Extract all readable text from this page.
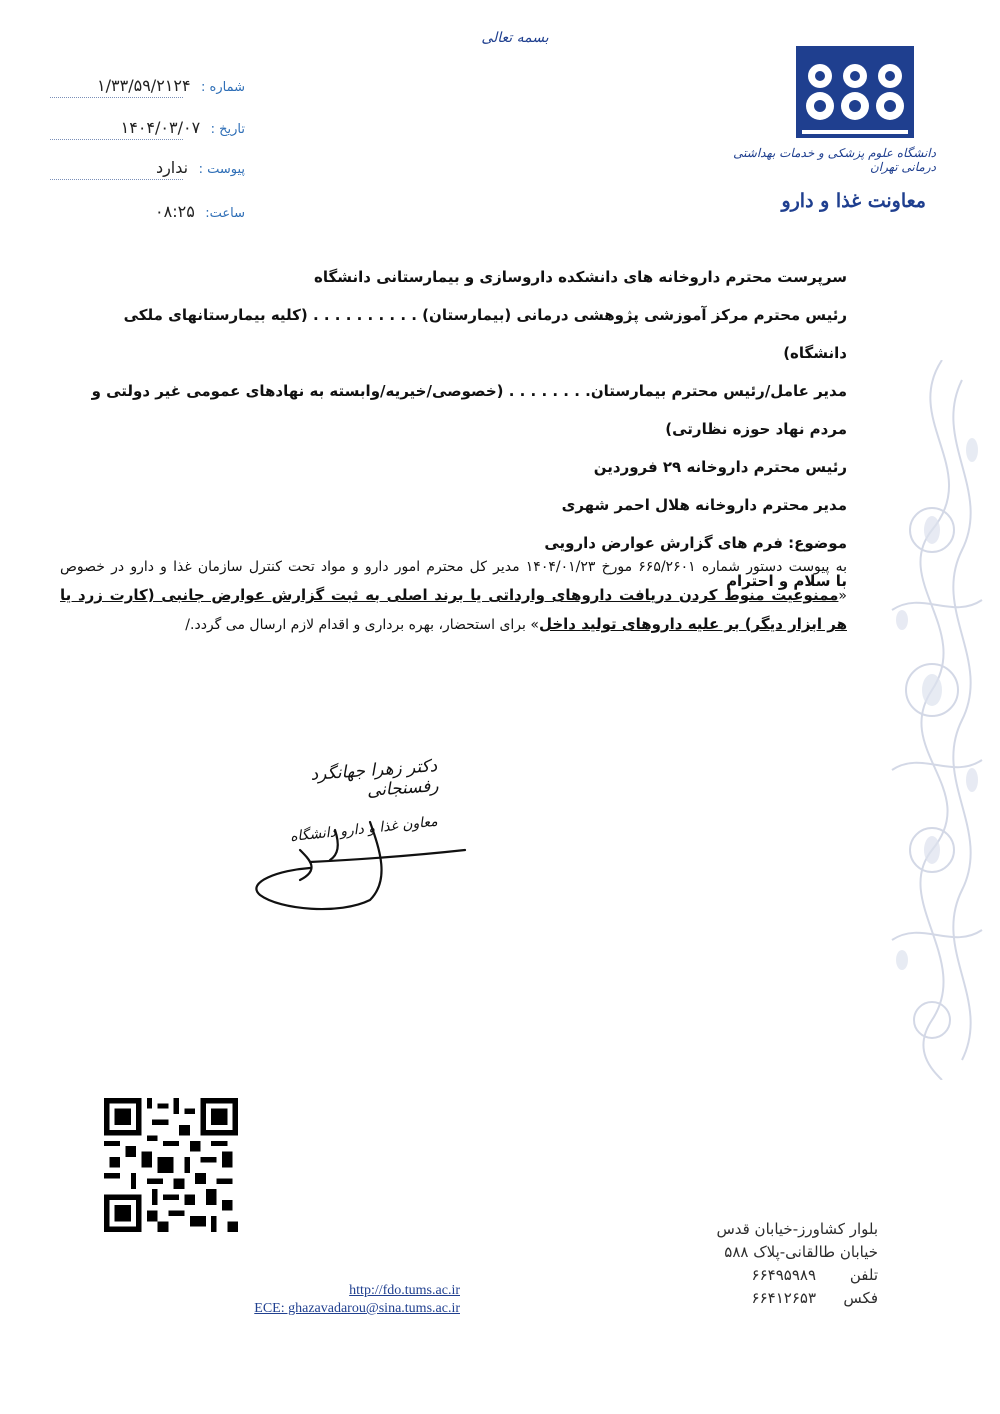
بسمه تعالی
شماره : ۱/۳۳/۵۹/۲۱۲۴
تاریخ : ۱۴۰۴/۰۳/۰۷
پیوست : ندارد
ساعت: ۰۸:۲۵
دانشگاه علوم پزشکی و خدمات بهداشتی درمانی تهران
معاونت غذا و دارو

سرپرست محترم داروخانه های دانشکده داروسازی و بیمارستانی دانشگاه

رئیس محترم مرکز آموزشی پژوهشی درمانی (بیمارستان) . . . . . . . . . . (کلیه بیمارستانهای ملکی دانشگاه)

مدیر عامل/رئیس محترم بیمارستان. . . . . . . . (خصوصی/خیریه/وابسته به نهادهای عمومی غیر دولتی و مردم نهاد حوزه نظارتی)

رئیس محترم داروخانه ۲۹ فروردین

مدیر محترم داروخانه هلال احمر شهری

موضوع: فرم های گزارش عوارض دارویی

با سلام و احترام

به پیوست دستور شماره ۶۶۵/۲۶۰۱ مورخ ۱۴۰۴/۰۱/۲۳ مدیر کل محترم امور دارو و مواد تحت کنترل سازمان غذا و دارو در خصوص «ممنوعیت منوط کردن دریافت داروهای وارداتی یا برند اصلی به ثبت گزارش عوارض جانبی (کارت زرد یا هر ابزار دیگر) بر علیه داروهای تولید داخل» برای استحضار، بهره برداری و اقدام لازم ارسال می گردد./
دکتر زهرا جهانگرد رفسنجانی
معاون غذا و دارو دانشگاه
http://fdo.tums.ac.ir
ECE: ghazavadarou@sina.tums.ac.ir
بلوار کشاورز-خیابان قدس
خیابان طالقانی-پلاک ۵۸۸
تلفن۶۶۴۹۵۹۸۹
فکس۶۶۴۱۲۶۵۳
